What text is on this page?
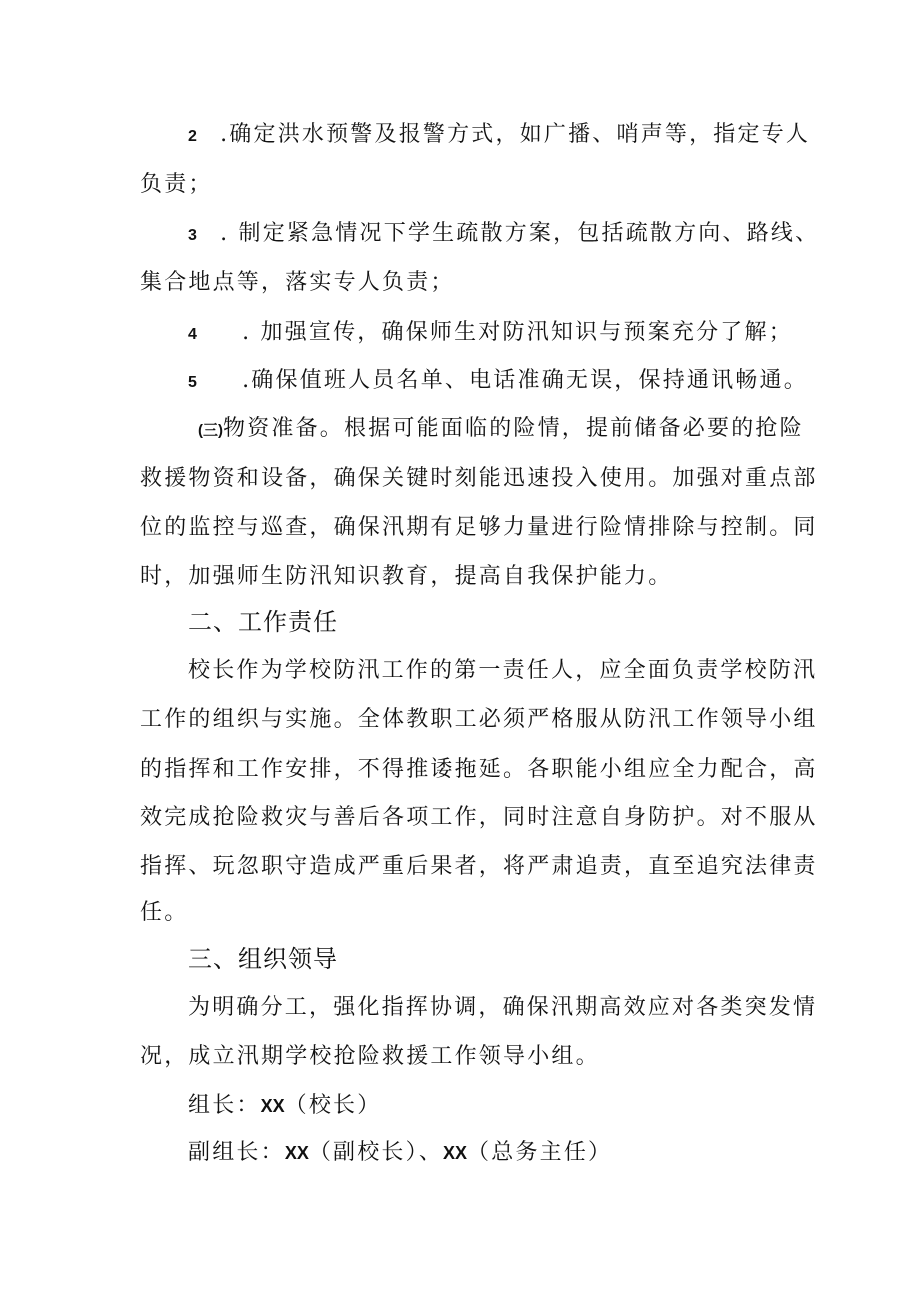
2 .确定洪水预警及报警方式，如广播、哨声等，指定专人
负责；
3 . 制定紧急情况下学生疏散方案，包括疏散方向、路线、
集合地点等，落实专人负责；
4 . 加强宣传，确保师生对防汛知识与预案充分了解；
5 .确保值班人员名单、电话准确无误，保持通讯畅通。
(三)物资准备。根据可能面临的险情，提前储备必要的抢险
救援物资和设备，确保关键时刻能迅速投入使用。加强对重点部
位的监控与巡查，确保汛期有足够力量进行险情排除与控制。同
时，加强师生防汛知识教育，提高自我保护能力。
二、工作责任
校长作为学校防汛工作的第一责任人，应全面负责学校防汛
工作的组织与实施。全体教职工必须严格服从防汛工作领导小组
的指挥和工作安排，不得推诿拖延。各职能小组应全力配合，高
效完成抢险救灾与善后各项工作，同时注意自身防护。对不服从
指挥、玩忽职守造成严重后果者，将严肃追责，直至追究法律责
任。
三、组织领导
为明确分工，强化指挥协调，确保汛期高效应对各类突发情
况，成立汛期学校抢险救援工作领导小组。
组长：XX（校长）
副组长：XX（副校长）、XX（总务主任）
